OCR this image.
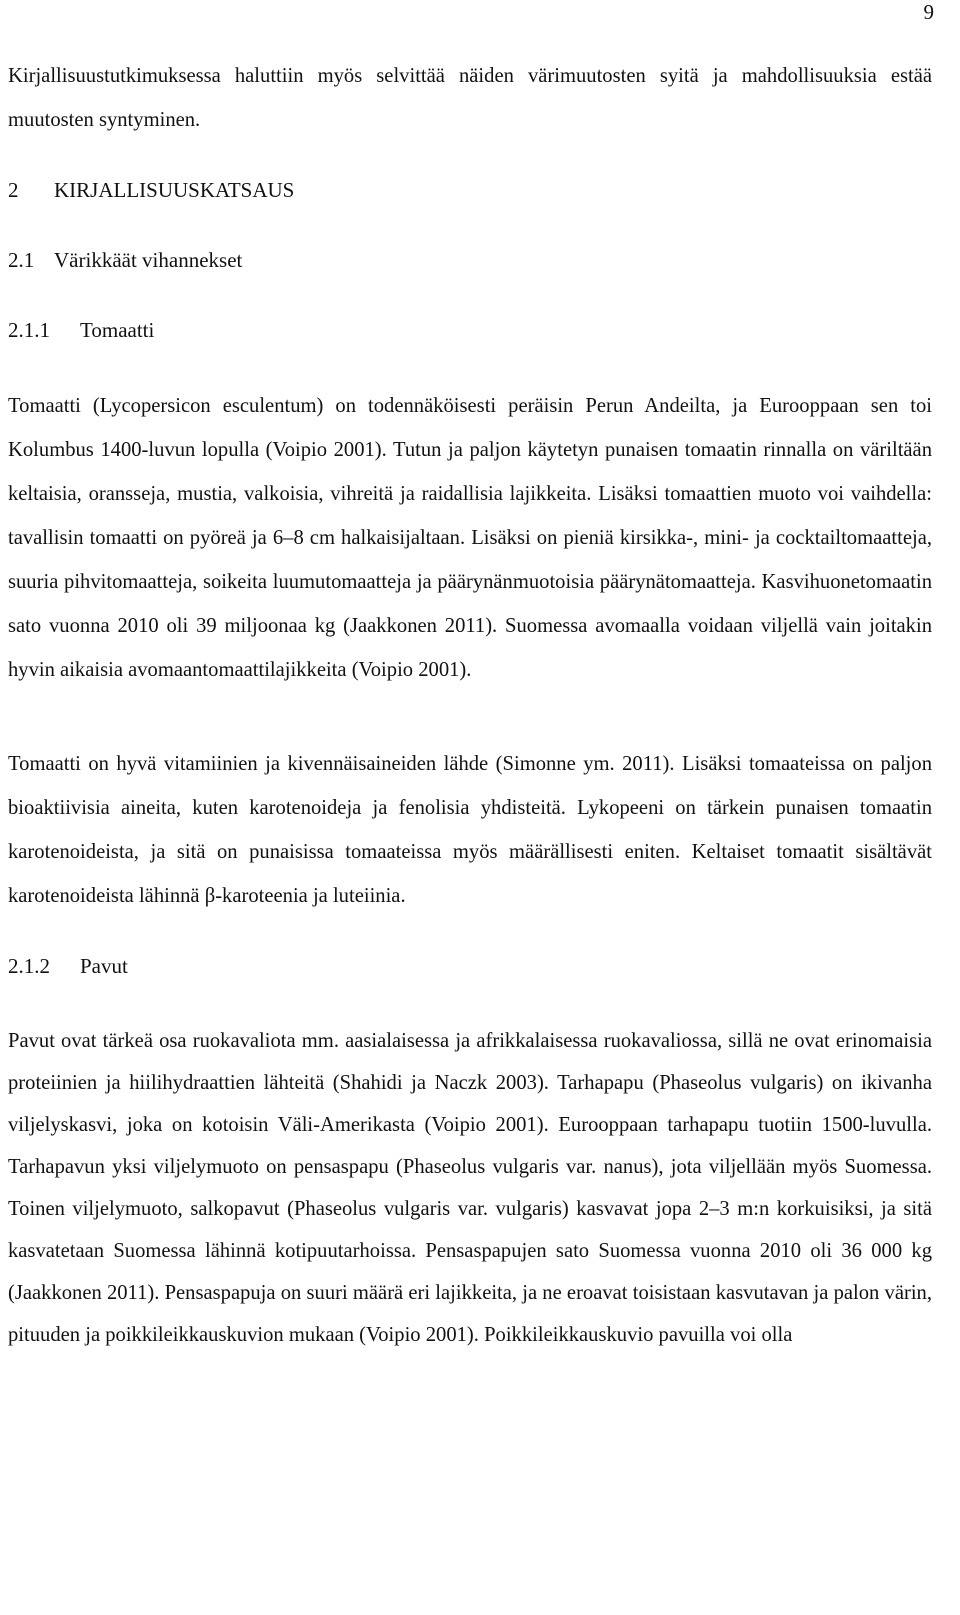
9

Kirjallisuustutkimuksessa haluttiin myös selvittää näiden värimuutosten syitä ja mahdollisuuksia estää muutosten syntyminen.

2 KIRJALLISUUSKATSAUS
2.1 Värikkäät vihannekset
2.1.1 Tomaatti

Tomaatti (Lycopersicon esculentum) on todennäköisesti peräisin Perun Andeilta, ja Eurooppaan sen toi Kolumbus 1400-luvun lopulla (Voipio 2001). Tutun ja paljon käytetyn punaisen tomaatin rinnalla on väriltään keltaisia, oransseja, mustia, valkoisia, vihreitä ja raidallisia lajikkeita. Lisäksi tomaattien muoto voi vaihdella: tavallisin tomaatti on pyöreä ja 6–8 cm halkaisijaltaan. Lisäksi on pieniä kirsikka-, mini- ja cocktailtomaatteja, suuria pihvitomaatteja, soikeita luumutomaatteja ja päärynänmuotoisia päärynätomaatteja. Kasvihuonetomaatin sato vuonna 2010 oli 39 miljoonaa kg (Jaakkonen 2011). Suomessa avomaalla voidaan viljellä vain joitakin hyvin aikaisia avomaantomaattilajikkeita (Voipio 2001).

Tomaatti on hyvä vitamiinien ja kivennäisaineiden lähde (Simonne ym. 2011). Lisäksi tomaateissa on paljon bioaktiivisia aineita, kuten karotenoideja ja fenolisia yhdisteitä. Lykopeeni on tärkein punaisen tomaatin karotenoideista, ja sitä on punaisissa tomaateissa myös määrällisesti eniten. Keltaiset tomaatit sisältävät karotenoideista lähinnä β-karoteenia ja luteiinia.

2.1.2 Pavut

Pavut ovat tärkeä osa ruokavaliota mm. aasialaisessa ja afrikkalaisessa ruokavaliossa, sillä ne ovat erinomaisia proteiinien ja hiilihydraattien lähteitä (Shahidi ja Naczk 2003). Tarhapapu (Phaseolus vulgaris) on ikivanha viljelyskasvi, joka on kotoisin Väli-Amerikasta (Voipio 2001). Eurooppaan tarhapapu tuotiin 1500-luvulla. Tarhapavun yksi viljelymuoto on pensaspapu (Phaseolus vulgaris var. nanus), jota viljellään myös Suomessa. Toinen viljelymuoto, salkopavut (Phaseolus vulgaris var. vulgaris) kasvavat jopa 2–3 m:n korkuisiksi, ja sitä kasvatetaan Suomessa lähinnä kotipuutarhoissa. Pensaspapujen sato Suomessa vuonna 2010 oli 36 000 kg (Jaakkonen 2011). Pensaspapuja on suuri määrä eri lajikkeita, ja ne eroavat toisistaan kasvutavan ja palon värin, pituuden ja poikkileikkauskuvion mukaan (Voipio 2001). Poikkileikkauskuvio pavuilla voi olla
